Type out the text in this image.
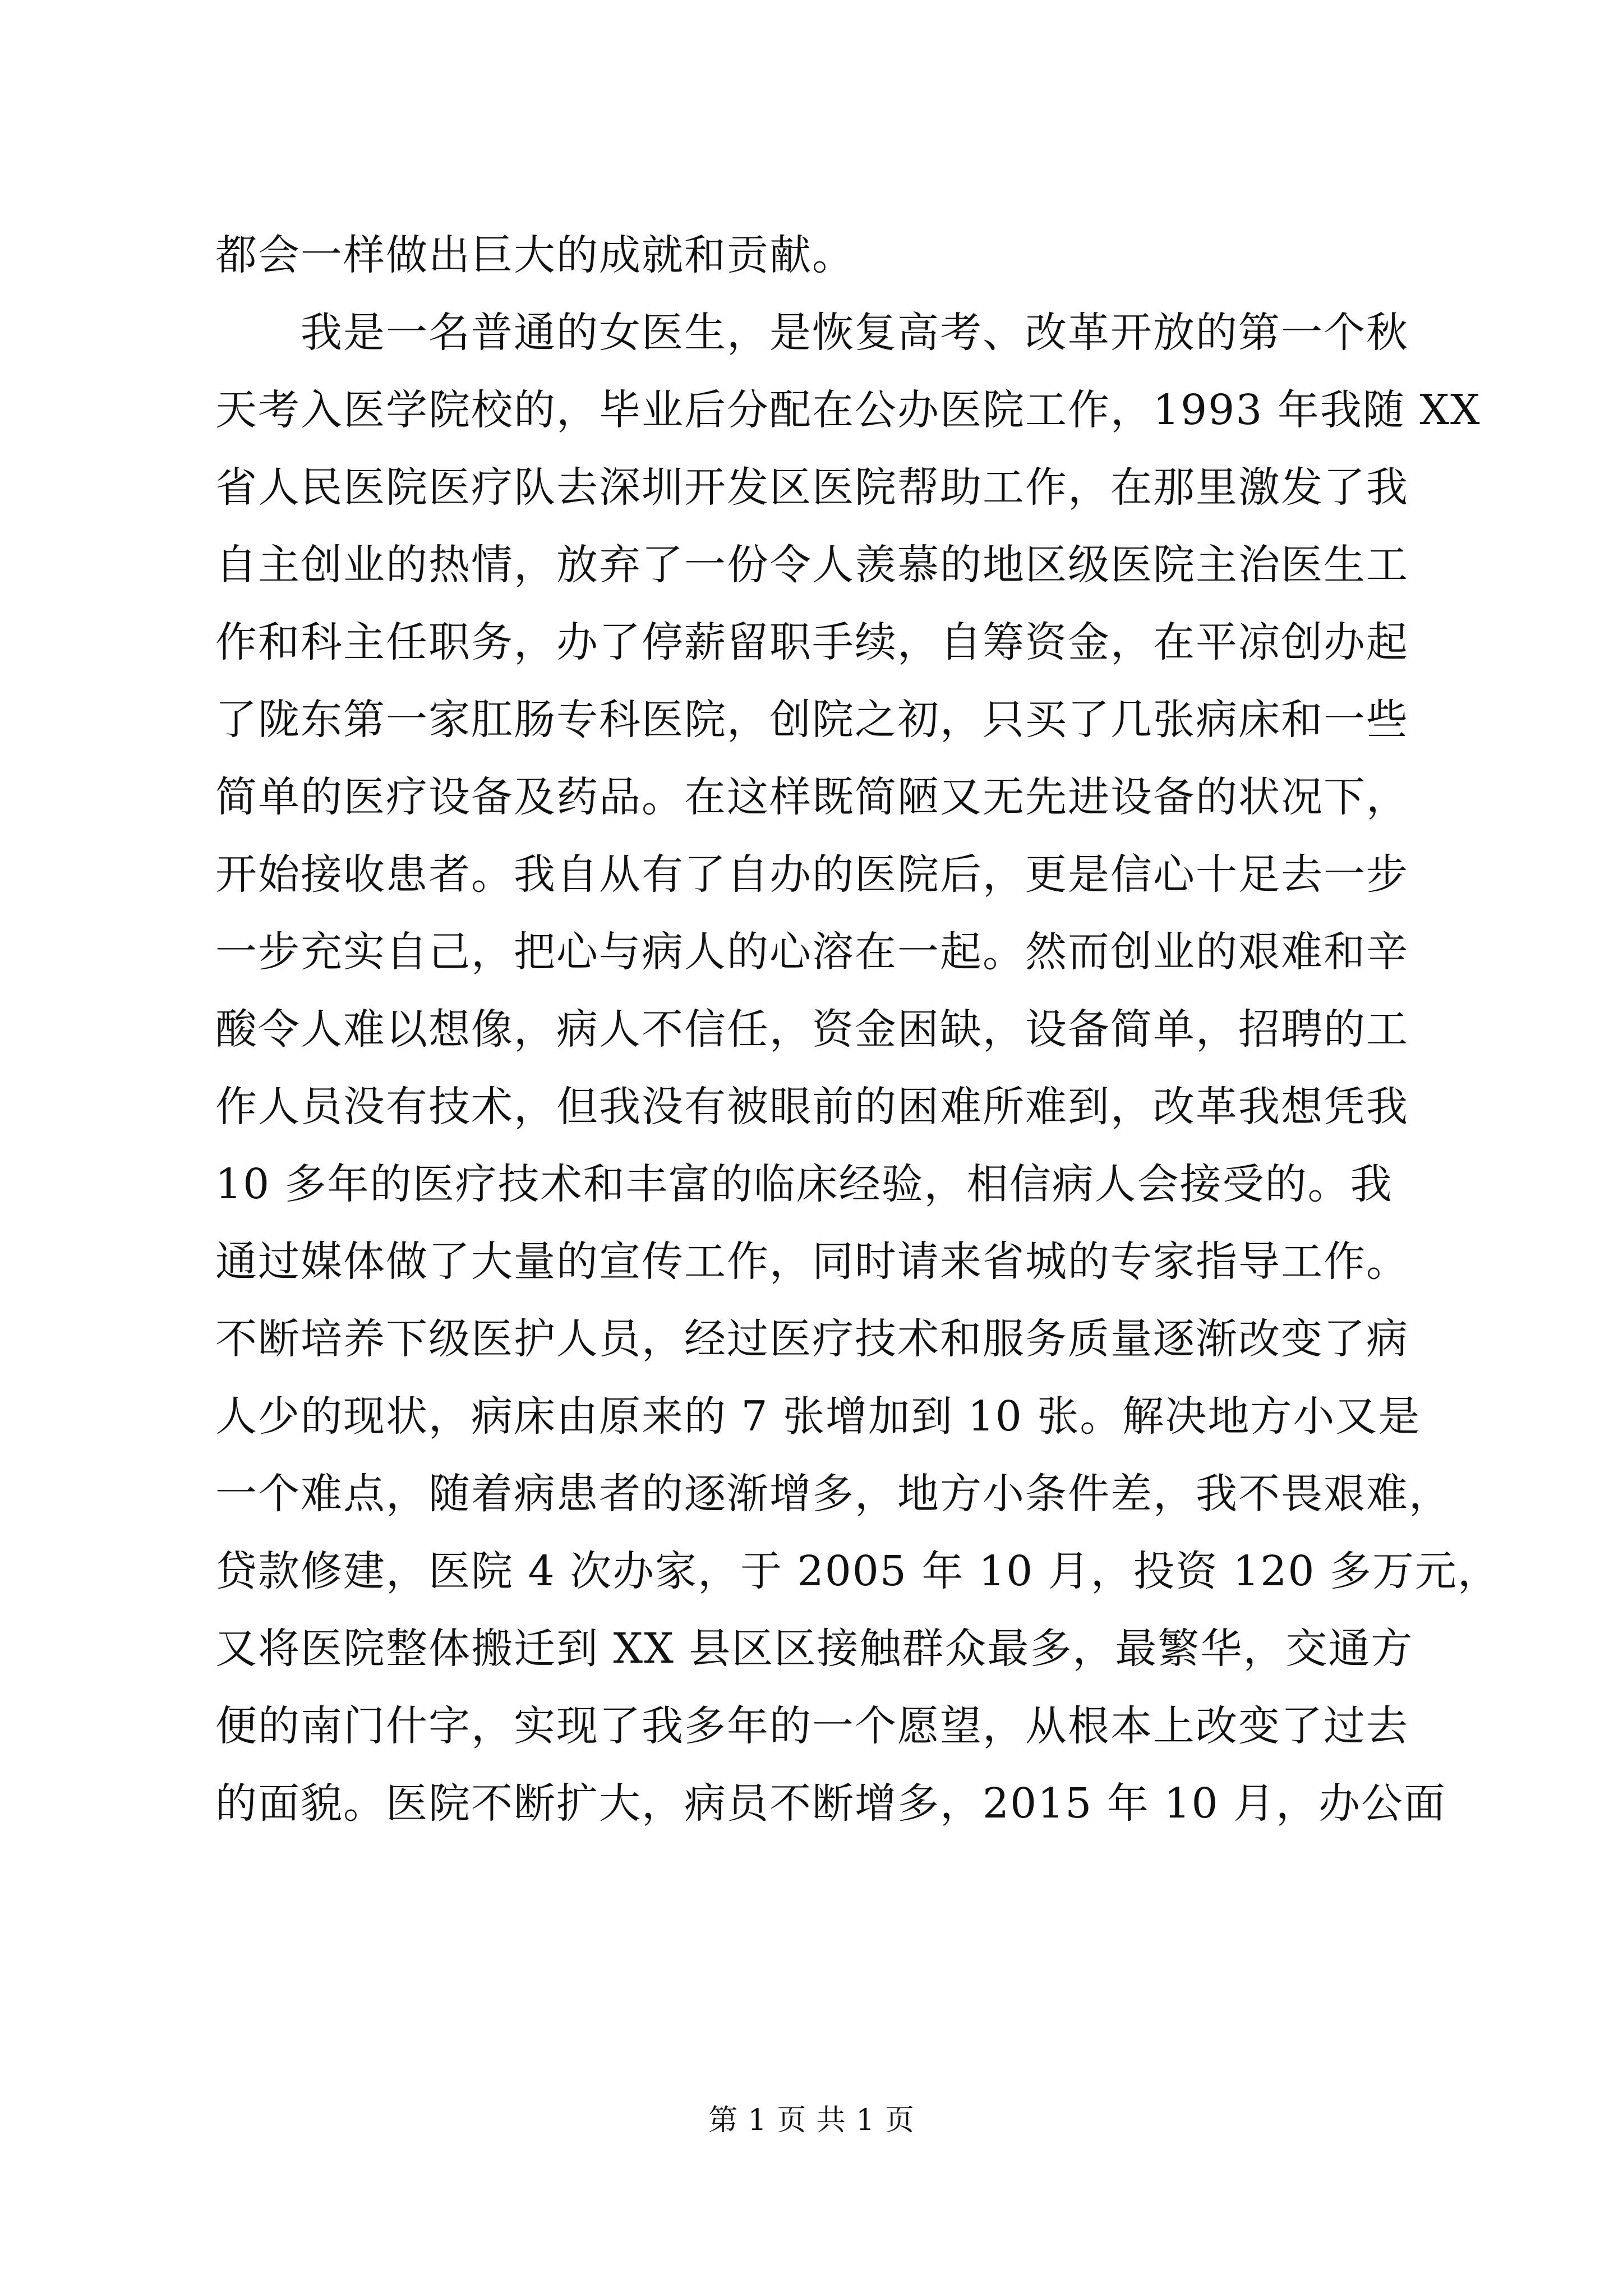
都会一样做出巨大的成就和贡献。
　　我是一名普通的女医生，是恢复高考、改革开放的第一个秋
天考入医学院校的，毕业后分配在公办医院工作，1993 年我随 XX
省人民医院医疗队去深圳开发区医院帮助工作，在那里激发了我
自主创业的热情，放弃了一份令人羡慕的地区级医院主治医生工
作和科主任职务，办了停薪留职手续，自筹资金，在平凉创办起
了陇东第一家肛肠专科医院，创院之初，只买了几张病床和一些
简单的医疗设备及药品。在这样既简陋又无先进设备的状况下，
开始接收患者。我自从有了自办的医院后，更是信心十足去一步
一步充实自己，把心与病人的心溶在一起。然而创业的艰难和辛
酸令人难以想像，病人不信任，资金困缺，设备简单，招聘的工
作人员没有技术，但我没有被眼前的困难所难到，改革我想凭我
10 多年的医疗技术和丰富的临床经验，相信病人会接受的。我
通过媒体做了大量的宣传工作，同时请来省城的专家指导工作。
不断培养下级医护人员，经过医疗技术和服务质量逐渐改变了病
人少的现状，病床由原来的 7 张增加到 10 张。解决地方小又是
一个难点，随着病患者的逐渐增多，地方小条件差，我不畏艰难，
贷款修建，医院 4 次办家，于 2005 年 10 月，投资 120 多万元，
又将医院整体搬迁到 XX 县区区接触群众最多，最繁华，交通方
便的南门什字，实现了我多年的一个愿望，从根本上改变了过去
的面貌。医院不断扩大，病员不断增多，2015 年 10 月，办公面
第 1 页 共 1 页
